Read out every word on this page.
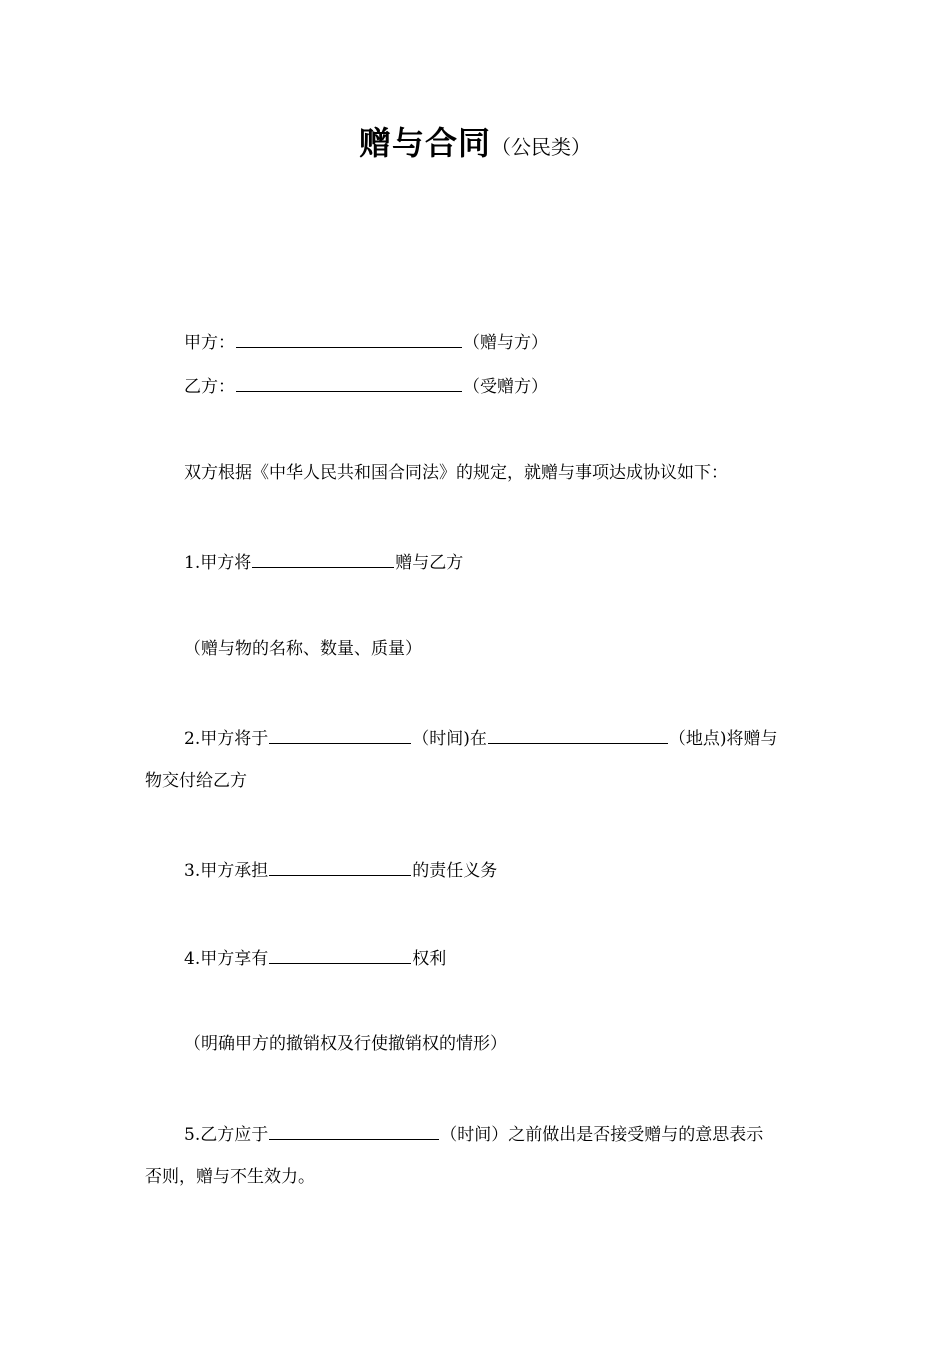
赠与合同（公民类）
甲方：	（赠与方）
乙方：	（受赠方）
双方根据《中华人民共和国合同法》的规定，就赠与事项达成协议如下：
1.甲方将	赠与乙方
（赠与物的名称、数量、质量）
2.甲方将于	（时间)在	（地点)将赠与
物交付给乙方
3.甲方承担	的责任义务
4.甲方享有	权利
（明确甲方的撤销权及行使撤销权的情形）
5.乙方应于	（时间）之前做出是否接受赠与的意思表示
否则，赠与不生效力。
